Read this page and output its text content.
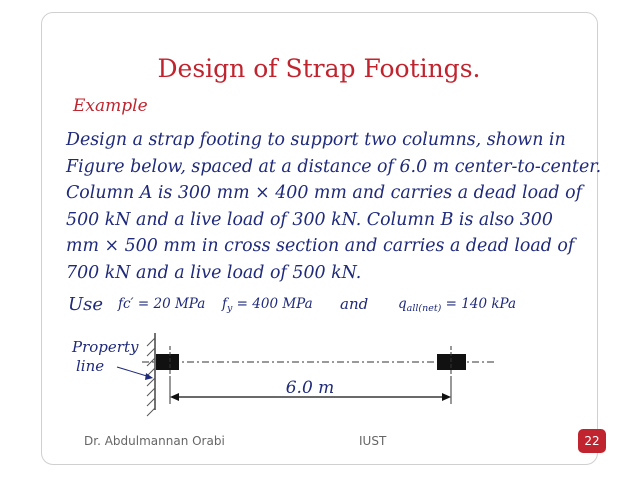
Design of Strap Footings.
Example
Design a strap footing to support two columns, shown in
Figure below, spaced at a distance of 6.0 m center-to-center.
Column A is 300 mm × 400 mm and carries a dead load of
500 kN and a live load of 300 kN. Column B is also 300
mm × 500 mm in cross section and carries a dead load of
700 kN and a live load of 500 kN.
Use fc′ = 20 MPa $f_y = 400$ MPa and $q_{all(net)} = 140$ kPa
Property
line
6.0 m
Dr. Abdulmannan Orabi	IUST	22
